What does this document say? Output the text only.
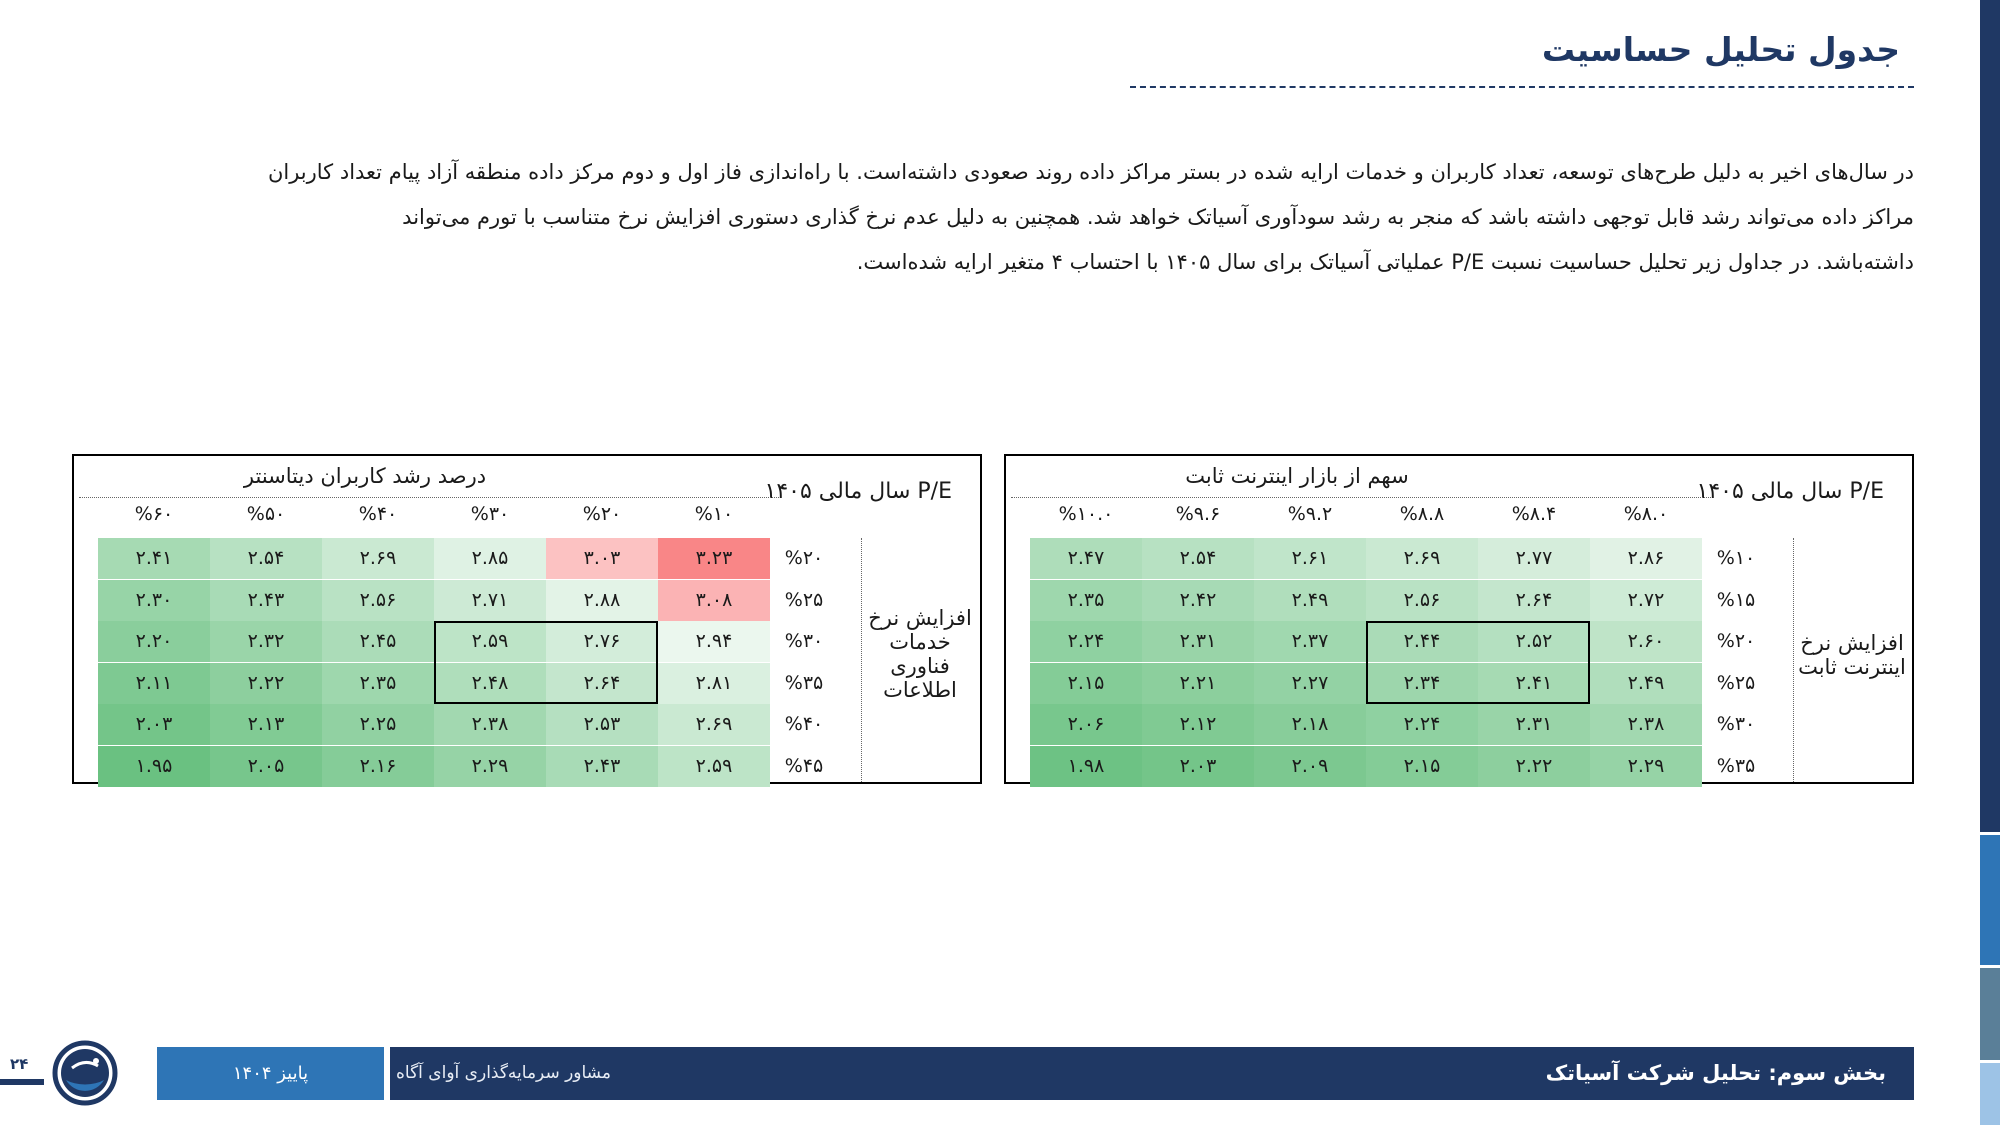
جدول تحلیل حساسیت

در سال‌های اخیر به دلیل طرح‌های توسعه، تعداد کاربران و خدمات ارایه شده در بستر مراکز داده روند صعودی داشته‌است. با راه‌اندازی فاز اول و دوم مرکز داده منطقه آزاد پیام تعداد کاربران

مراکز داده می‌تواند رشد قابل توجهی داشته باشد که منجر به رشد سودآوری آسیاتک خواهد شد. همچنین به دلیل عدم نرخ گذاری دستوری افزایش نرخ متناسب با تورم می‌تواند

داشته‌باشد. در جداول زیر تحلیل حساسیت نسبت P/E عملیاتی آسیاتک برای سال ۱۴۰۵ با احتساب ۴ متغیر ارایه شده‌است.

P/E سال مالی ۱۴۰۵
سهم از بازار اینترنت ثابت
افزایش نرخ اینترنت ثابت
%۸.۰
%۸.۴
%۸.۸
%۹.۲
%۹.۶
%۱۰.۰
%۱۰
%۱۵
%۲۰
%۲۵
%۳۰
%۳۵
۲.۸۶
۲.۷۷
۲.۶۹
۲.۶۱
۲.۵۴
۲.۴۷
۲.۷۲
۲.۶۴
۲.۵۶
۲.۴۹
۲.۴۲
۲.۳۵
۲.۶۰
۲.۵۲
۲.۴۴
۲.۳۷
۲.۳۱
۲.۲۴
۲.۴۹
۲.۴۱
۲.۳۴
۲.۲۷
۲.۲۱
۲.۱۵
۲.۳۸
۲.۳۱
۲.۲۴
۲.۱۸
۲.۱۲
۲.۰۶
۲.۲۹
۲.۲۲
۲.۱۵
۲.۰۹
۲.۰۳
۱.۹۸
P/E سال مالی ۱۴۰۵
درصد رشد کاربران دیتاسنتر
افزایش نرخ خدمات فناوری اطلاعات
%۱۰
%۲۰
%۳۰
%۴۰
%۵۰
%۶۰
%۲۰
%۲۵
%۳۰
%۳۵
%۴۰
%۴۵
۳.۲۳
۳.۰۳
۲.۸۵
۲.۶۹
۲.۵۴
۲.۴۱
۳.۰۸
۲.۸۸
۲.۷۱
۲.۵۶
۲.۴۳
۲.۳۰
۲.۹۴
۲.۷۶
۲.۵۹
۲.۴۵
۲.۳۲
۲.۲۰
۲.۸۱
۲.۶۴
۲.۴۸
۲.۳۵
۲.۲۲
۲.۱۱
۲.۶۹
۲.۵۳
۲.۳۸
۲.۲۵
۲.۱۳
۲.۰۳
۲.۵۹
۲.۴۳
۲.۲۹
۲.۱۶
۲.۰۵
۱.۹۵
بخش سوم: تحلیل شرکت آسیاتک
مشاور سرمایه‌گذاری آوای آگاه
پاییز ۱۴۰۴
۲۴
